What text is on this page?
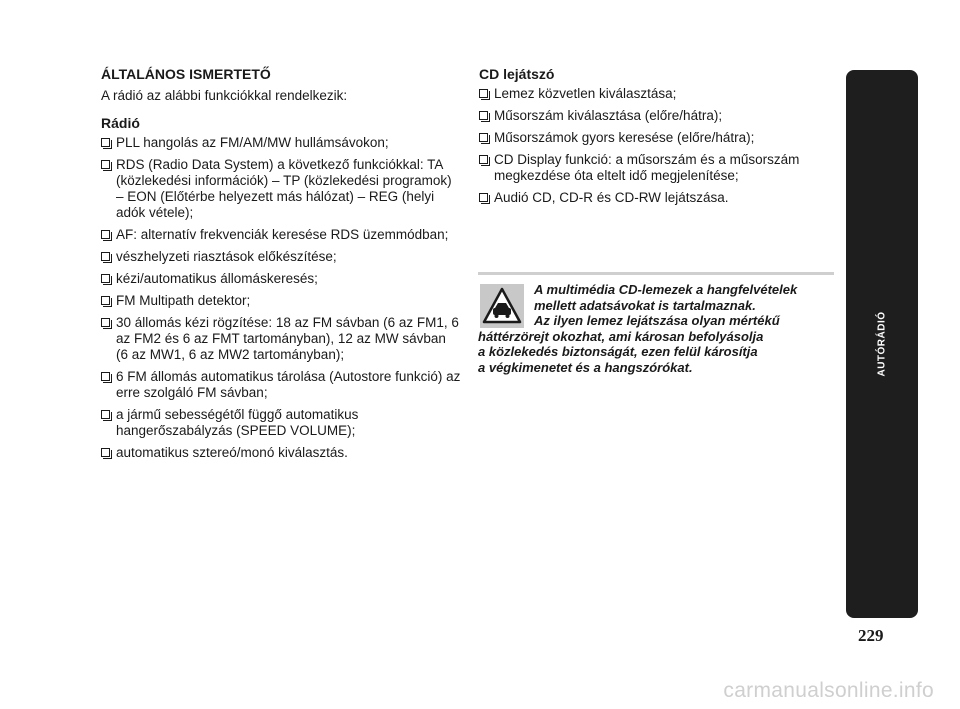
ÁLTALÁNOS ISMERTETŐ
A rádió az alábbi funkciókkal rendelkezik:
Rádió
PLL hangolás az FM/AM/MW hullámsávokon;
RDS (Radio Data System) a következő funkciókkal: TA (közlekedési információk) – TP (közlekedési programok) – EON (Előtérbe helyezett más hálózat) – REG (helyi adók vétele);
AF: alternatív frekvenciák keresése RDS üzemmódban;
vészhelyzeti riasztások előkészítése;
kézi/automatikus állomáskeresés;
FM Multipath detektor;
30 állomás kézi rögzítése: 18 az FM sávban (6 az FM1, 6 az FM2 és 6 az FMT tartományban), 12 az MW sávban (6 az MW1, 6 az MW2 tartományban);
6 FM állomás automatikus tárolása (Autostore funkció) az erre szolgáló FM sávban;
a jármű sebességétől függő automatikus hangerőszabályzás (SPEED VOLUME);
automatikus sztereó/monó kiválasztás.
CD lejátszó
Lemez közvetlen kiválasztása;
Műsorszám kiválasztása (előre/hátra);
Műsorszámok gyors keresése (előre/hátra);
CD Display funkció: a műsorszám és a műsorszám megkezdése óta eltelt idő megjelenítése;
Audió CD, CD-R és CD-RW lejátszása.
A multimédia CD-lemezek a hangfelvételek
mellett adatsávokat is tartalmaznak.
Az ilyen lemez lejátszása olyan mértékű
háttérzörejt okozhat, ami károsan befolyásolja
a közlekedés biztonságát, ezen felül károsítja
a végkimenetet és a hangszórókat.	AUTÓRÁDIÓ
229
carmanualsonline.info
